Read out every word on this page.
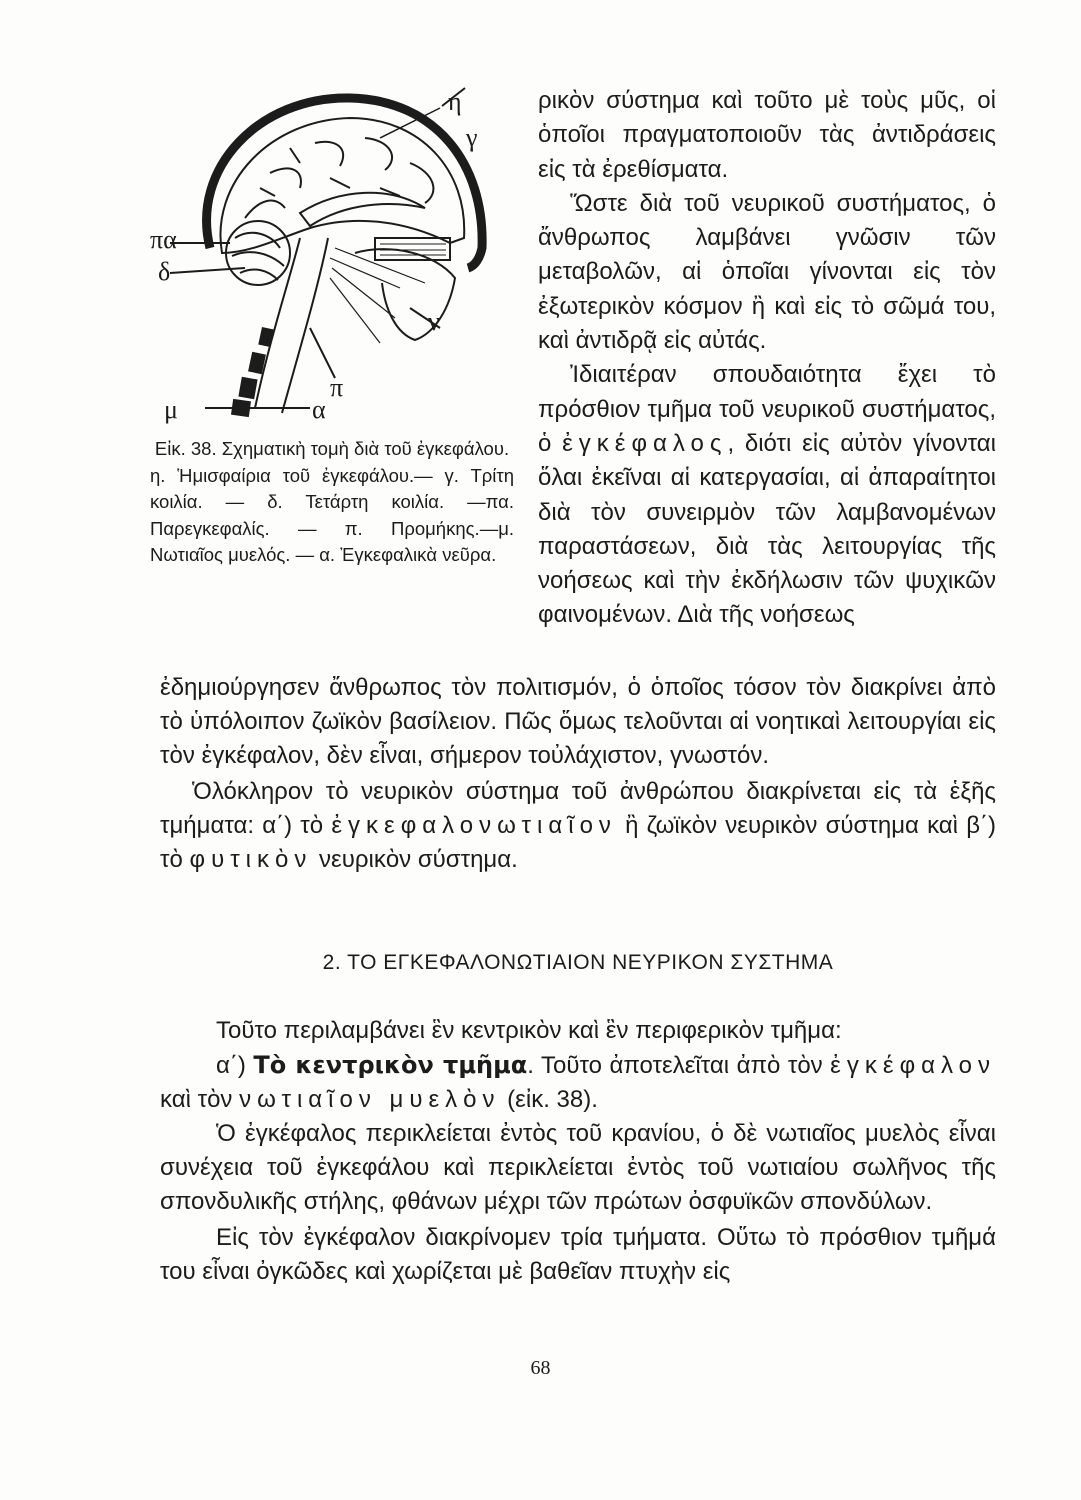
η
γ
πα
δ
ν
π
μ	α
Εἰκ. 38. Σχηματικὴ τομὴ διὰ τοῦ ἐγκεφάλου.
η. Ἡμισφαίρια τοῦ ἐγκεφάλου.— γ. Τρίτη κοιλία. — δ. Τετάρτη κοιλία. —πα. Παρεγκεφαλίς. — π. Προμήκης.—μ. Νωτιαῖος μυελός. — α. Ἐγκεφαλικὰ νεῦρα.

ρικὸν σύστημα καὶ τοῦτο μὲ τοὺς μῦς, οἱ ὁποῖοι πραγματοποιοῦν τὰς ἀντιδράσεις εἰς τὰ ἐρεθίσματα.

Ὥστε διὰ τοῦ νευρικοῦ συστήματος, ὁ ἄνθρωπος λαμβάνει γνῶσιν τῶν μεταβολῶν, αἱ ὁποῖαι γίνονται εἰς τὸν ἐξωτερικὸν κόσμον ἢ καὶ εἰς τὸ σῶμά του, καὶ ἀντιδρᾷ εἰς αὐτάς.

Ἰδιαιτέραν σπουδαιότητα ἔχει τὸ πρόσθιον τμῆμα τοῦ νευρικοῦ συστήματος, ὁ ἐγκέφαλος, διότι εἰς αὐτὸν γίνονται ὅλαι ἐκεῖναι αἱ κατεργασίαι, αἱ ἀπαραίτητοι διὰ τὸν συνειρμὸν τῶν λαμβανομένων παραστάσεων, διὰ τὰς λειτουργίας τῆς νοήσεως καὶ τὴν ἐκδήλωσιν τῶν ψυχικῶν φαινομένων. Διὰ τῆς νοήσεως

ἐδημιούργησεν ἄνθρωπος τὸν πολιτισμόν, ὁ ὁποῖος τόσον τὸν διακρίνει ἀπὸ τὸ ὑπόλοιπον ζωϊκὸν βασίλειον. Πῶς ὅμως τελοῦνται αἱ νοητικαὶ λειτουργίαι εἰς τὸν ἐγκέφαλον, δὲν εἶναι, σήμερον τοὐλάχιστον, γνωστόν.

Ὁλόκληρον τὸ νευρικὸν σύστημα τοῦ ἀνθρώπου διακρίνεται εἰς τὰ ἑξῆς τμήματα: α΄) τὸ ἐγκεφαλονωτιαῖον ἢ ζωϊκὸν νευρικὸν σύστημα καὶ β΄) τὸ φυτικὸν νευρικὸν σύστημα.

2. ΤΟ ΕΓΚΕΦΑΛΟΝΩΤΙΑΙΟΝ ΝΕΥΡΙΚΟΝ ΣΥΣΤΗΜΑ

Τοῦτο περιλαμβάνει ἓν κεντρικὸν καὶ ἓν περιφερικὸν τμῆμα:

α΄) Τὸ κεντρικὸν τμῆμα. Τοῦτο ἀποτελεῖται ἀπὸ τὸν ἐγκέφαλον καὶ τὸν νωτιαῖον μυελὸν (εἰκ. 38).

Ὁ ἐγκέφαλος περικλείεται ἐντὸς τοῦ κρανίου, ὁ δὲ νωτιαῖος μυελὸς εἶναι συνέχεια τοῦ ἐγκεφάλου καὶ περικλείεται ἐντὸς τοῦ νωτιαίου σωλῆνος τῆς σπονδυλικῆς στήλης, φθάνων μέχρι τῶν πρώτων ὀσφυϊκῶν σπονδύλων.

Εἰς τὸν ἐγκέφαλον διακρίνομεν τρία τμήματα. Οὕτω τὸ πρόσθιον τμῆμά του εἶναι ὀγκῶδες καὶ χωρίζεται μὲ βαθεῖαν πτυχὴν εἰς

68
